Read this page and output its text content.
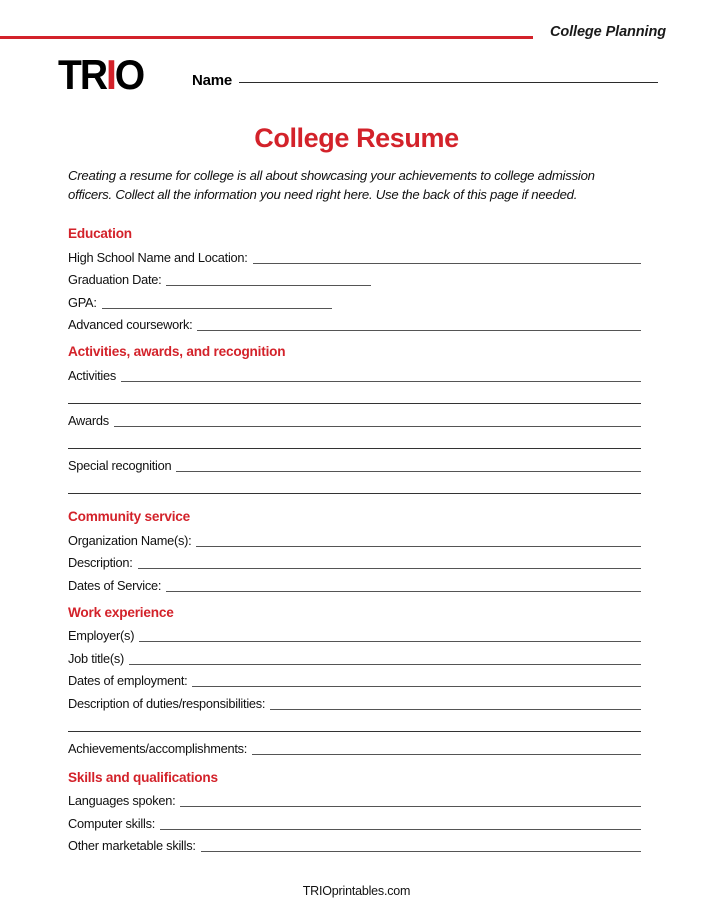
College Planning
TRIO	Name
College Resume
Creating a resume for college is all about showcasing your achievements to college admission officers. Collect all the information you need right here. Use the back of this page if needed.
Education
High School Name and Location:
Graduation Date:
GPA:
Advanced coursework:
Activities, awards, and recognition
Activities
Awards
Special recognition
Community service
Organization Name(s):
Description:
Dates of Service:
Work experience
Employer(s)
Job title(s)
Dates of employment:
Description of duties/responsibilities:
Achievements/accomplishments:
Skills and qualifications
Languages spoken:
Computer skills:
Other marketable skills:
TRIOprintables.com
